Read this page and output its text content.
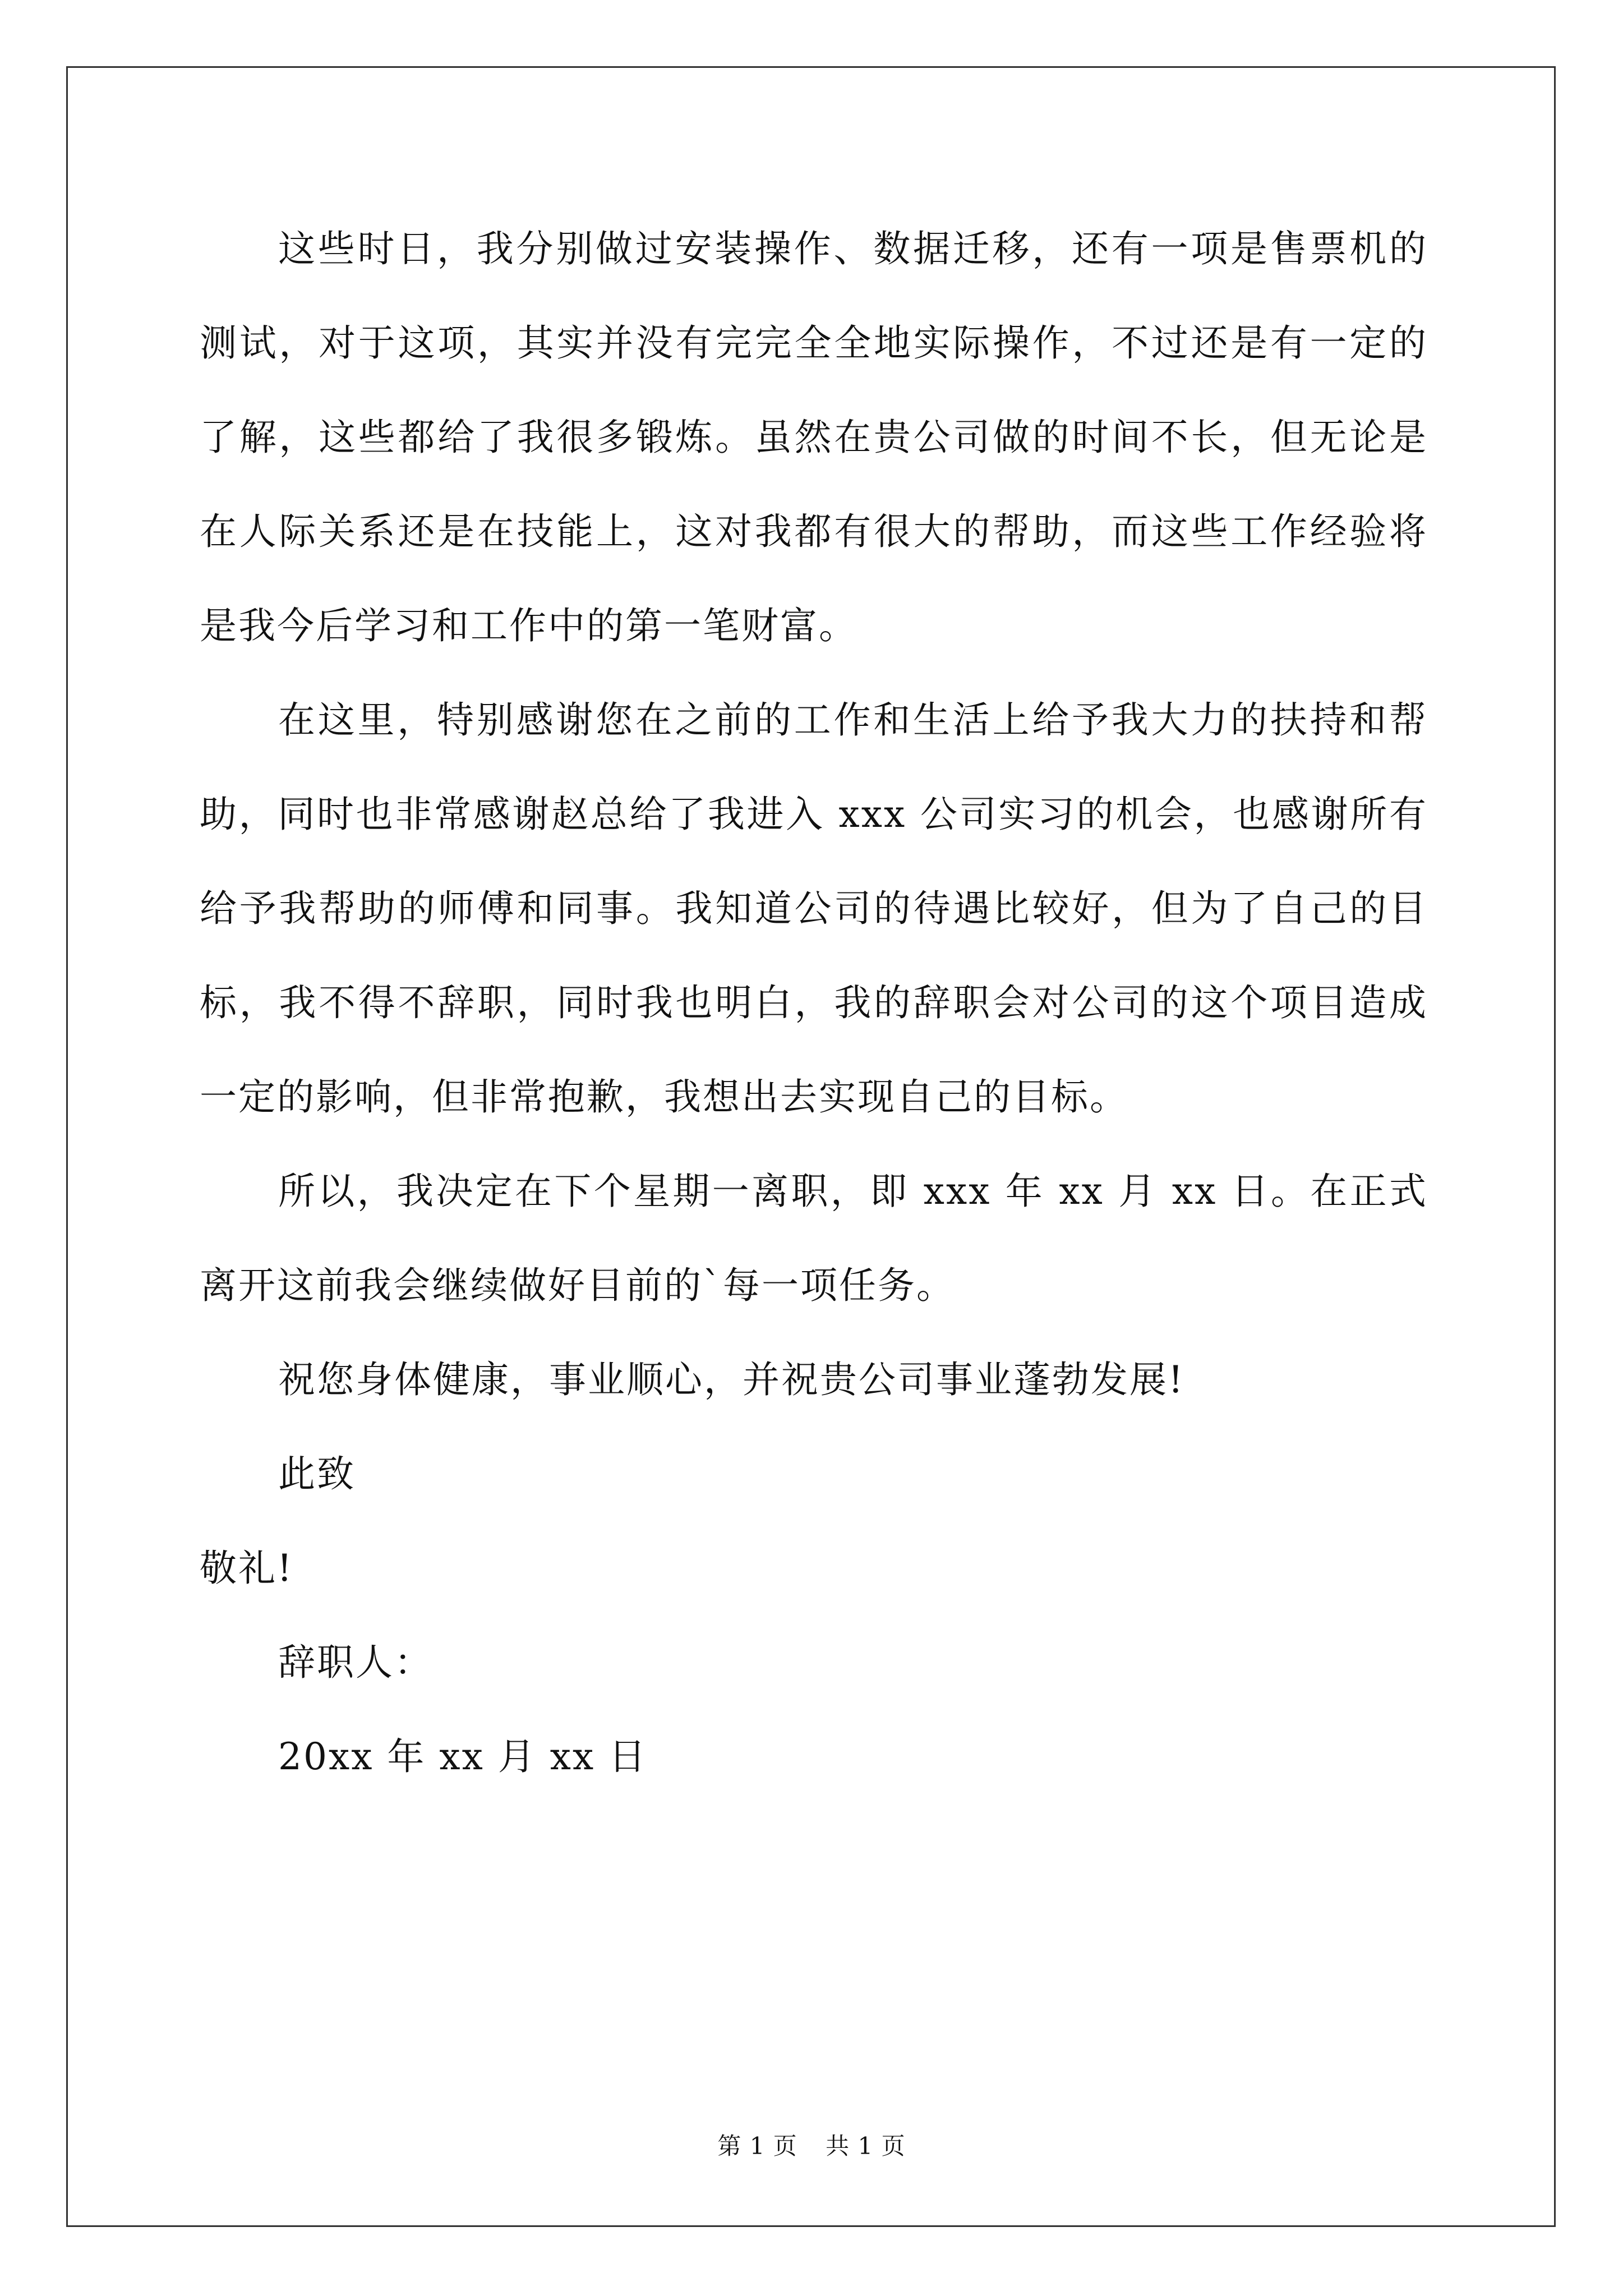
这些时日，我分别做过安装操作、数据迁移，还有一项是售票机的测试，对于这项，其实并没有完完全全地实际操作，不过还是有一定的了解，这些都给了我很多锻炼。虽然在贵公司做的时间不长，但无论是在人际关系还是在技能上，这对我都有很大的帮助，而这些工作经验将是我今后学习和工作中的第一笔财富。

在这里，特别感谢您在之前的工作和生活上给予我大力的扶持和帮助，同时也非常感谢赵总给了我进入 xxx 公司实习的机会，也感谢所有给予我帮助的师傅和同事。我知道公司的待遇比较好，但为了自己的目标，我不得不辞职，同时我也明白，我的辞职会对公司的这个项目造成一定的影响，但非常抱歉，我想出去实现自己的目标。

所以，我决定在下个星期一离职，即 xxx 年 xx 月 xx 日。在正式离开这前我会继续做好目前的`每一项任务。

祝您身体健康，事业顺心，并祝贵公司事业蓬勃发展!

此致

敬礼!

辞职人：

20xx 年 xx 月 xx 日

第 1 页 共 1 页
